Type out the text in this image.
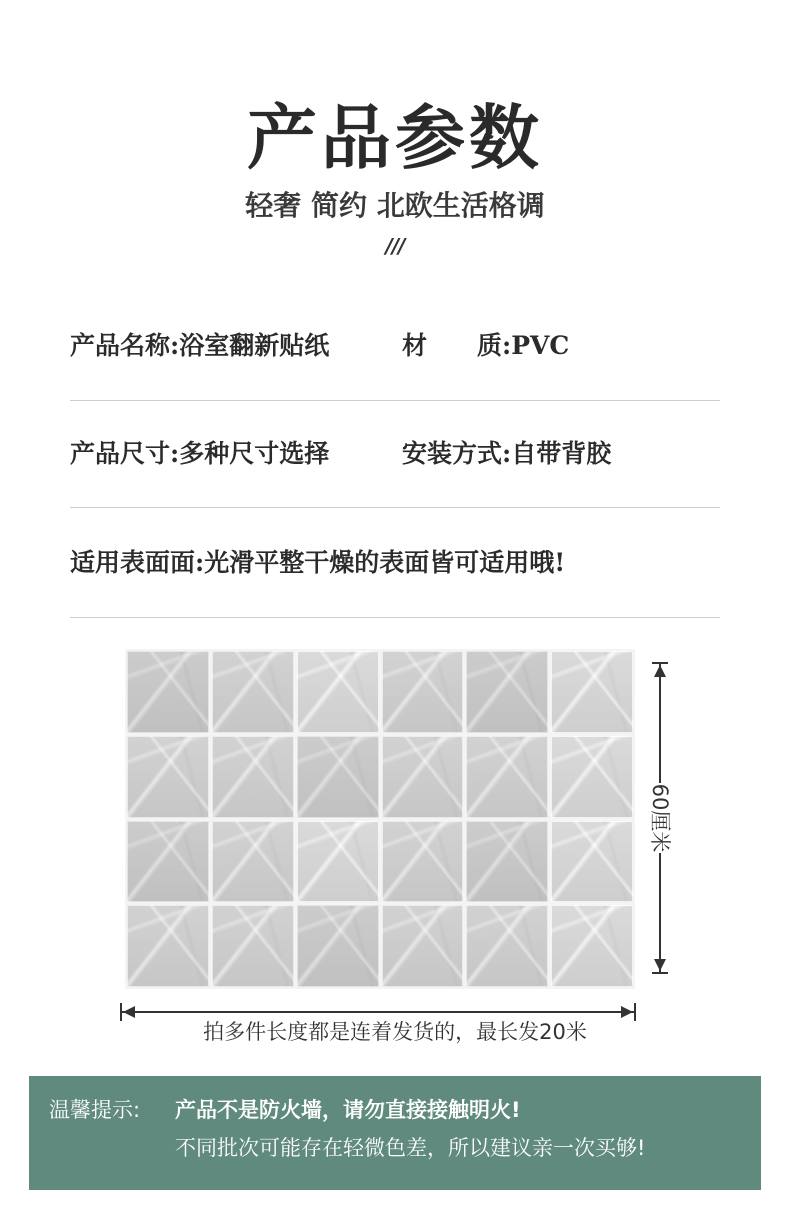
产品参数
轻奢 简约 北欧生活格调
///
产品名称:浴室翻新贴纸	材　　质:PVC
产品尺寸:多种尺寸选择	安装方式:自带背胶
适用表面面:光滑平整干燥的表面皆可适用哦!
60厘米
拍多件长度都是连着发货的，最长发20米
温馨提示: 产品不是防火墙，请勿直接接触明火!
不同批次可能存在轻微色差，所以建议亲一次买够!
